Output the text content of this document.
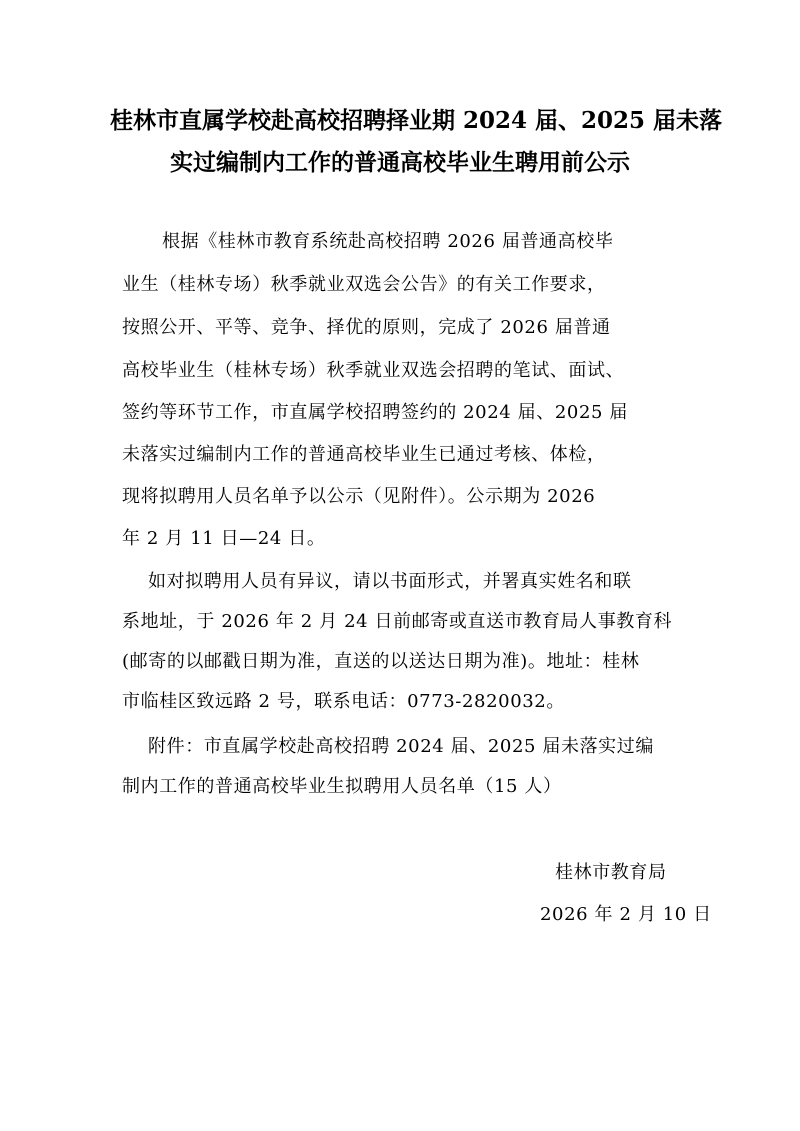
桂林市直属学校赴高校招聘择业期 2024 届、2025 届未落
实过编制内工作的普通高校毕业生聘用前公示
根据《桂林市教育系统赴高校招聘 2026 届普通高校毕
业生（桂林专场）秋季就业双选会公告》的有关工作要求，
按照公开、平等、竞争、择优的原则，完成了 2026 届普通
高校毕业生（桂林专场）秋季就业双选会招聘的笔试、面试、
签约等环节工作，市直属学校招聘签约的 2024 届、2025 届
未落实过编制内工作的普通高校毕业生已通过考核、体检，
现将拟聘用人员名单予以公示（见附件）。公示期为 2026
年 2 月 11 日—24 日。
如对拟聘用人员有异议，请以书面形式，并署真实姓名和联
系地址，于 2026 年 2 月 24 日前邮寄或直送市教育局人事教育科
(邮寄的以邮戳日期为准，直送的以送达日期为准)。地址：桂林
市临桂区致远路 2 号，联系电话：0773-2820032。
附件：市直属学校赴高校招聘 2024 届、2025 届未落实过编
制内工作的普通高校毕业生拟聘用人员名单（15 人）
桂林市教育局
2026 年 2 月 10 日
